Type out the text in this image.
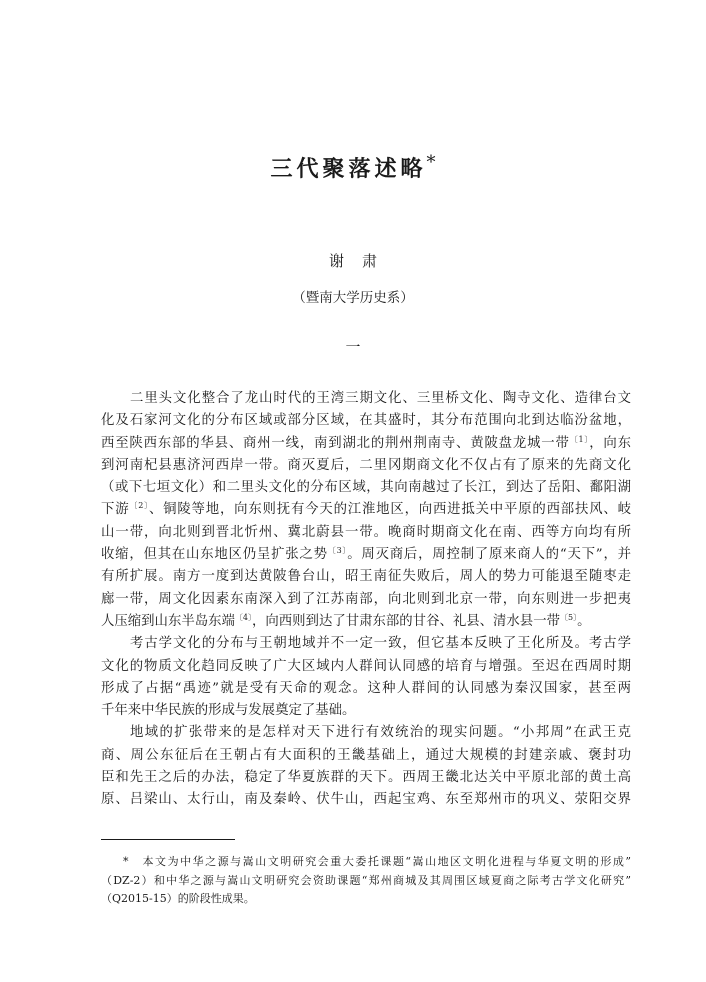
三代聚落述略*
谢肃
（暨南大学历史系）
一
二里头文化整合了龙山时代的王湾三期文化、三里桥文化、陶寺文化、造律台文
化及石家河文化的分布区域或部分区域，在其盛时，其分布范围向北到达临汾盆地，
西至陕西东部的华县、商州一线，南到湖北的荆州荆南寺、黄陂盘龙城一带$^{〔1〕}$，向东
到河南杞县惠济河西岸一带。商灭夏后，二里冈期商文化不仅占有了原来的先商文化
（或下七垣文化）和二里头文化的分布区域，其向南越过了长江，到达了岳阳、鄱阳湖
下游$^{〔2〕}$、铜陵等地，向东则抚有今天的江淮地区，向西进抵关中平原的西部扶风、岐
山一带，向北则到晋北忻州、冀北蔚县一带。晚商时期商文化在南、西等方向均有所
收缩，但其在山东地区仍呈扩张之势$^{〔3〕}$。周灭商后，周控制了原来商人的“天下”，并
有所扩展。南方一度到达黄陂鲁台山，昭王南征失败后，周人的势力可能退至随枣走
廊一带，周文化因素东南深入到了江苏南部，向北则到北京一带，向东则进一步把夷
人压缩到山东半岛东端$^{〔4〕}$，向西则到达了甘肃东部的甘谷、礼县、清水县一带$^{〔5〕}$。
考古学文化的分布与王朝地域并不一定一致，但它基本反映了王化所及。考古学
文化的物质文化趋同反映了广大区域内人群间认同感的培育与增强。至迟在西周时期
形成了占据“禹迹”就是受有天命的观念。这种人群间的认同感为秦汉国家，甚至两
千年来中华民族的形成与发展奠定了基础。
地域的扩张带来的是怎样对天下进行有效统治的现实问题。“小邦周”在武王克
商、周公东征后在王朝占有大面积的王畿基础上，通过大规模的封建亲戚、褒封功
臣和先王之后的办法，稳定了华夏族群的天下。西周王畿北达关中平原北部的黄土高
原、吕梁山、太行山，南及秦岭、伏牛山，西起宝鸡、东至郑州市的巩义、荥阳交界
*　本文为中华之源与嵩山文明研究会重大委托课题“嵩山地区文明化进程与华夏文明的形成”
（DZ-2）和中华之源与嵩山文明研究会资助课题“郑州商城及其周围区域夏商之际考古学文化研究”
（Q2015-15）的阶段性成果。
